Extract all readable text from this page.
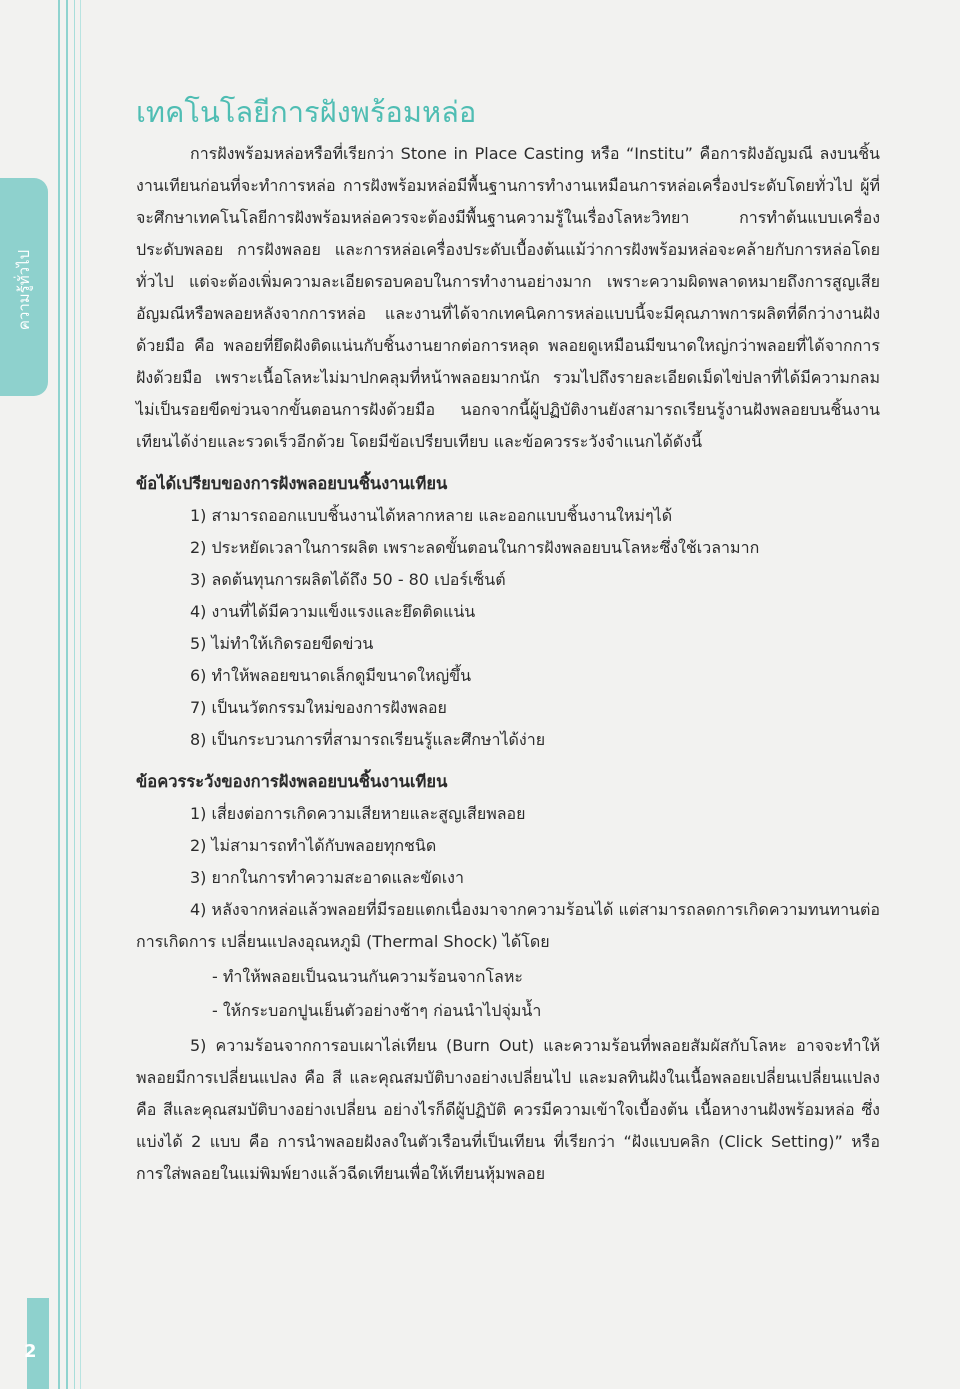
ความรู้ทั่วไป
2
เทคโนโลยีการฝังพร้อมหล่อ

การฝังพร้อมหล่อหรือที่เรียกว่า Stone in Place Casting หรือ “Institu” คือการฝังอัญมณี ลงบนชิ้นงานเทียนก่อนที่จะทำการหล่อ การฝังพร้อมหล่อมีพื้นฐานการทำงานเหมือนการหล่อเครื่องประดับโดยทั่วไป ผู้ที่จะศึกษาเทคโนโลยีการฝังพร้อมหล่อควรจะต้องมีพื้นฐานความรู้ในเรื่องโลหะวิทยา การทำต้นแบบเครื่องประดับพลอย การฝังพลอย และการหล่อเครื่องประดับเบื้องต้นแม้ว่าการฝังพร้อมหล่อจะคล้ายกับการหล่อโดยทั่วไป แต่จะต้องเพิ่มความละเอียดรอบคอบในการทำงานอย่างมาก เพราะความผิดพลาดหมายถึงการสูญเสียอัญมณีหรือพลอยหลังจากการหล่อ และงานที่ได้จากเทคนิคการหล่อแบบนี้จะมีคุณภาพการผลิตที่ดีกว่างานฝังด้วยมือ คือ พลอยที่ยึดฝังติดแน่นกับชิ้นงานยากต่อการหลุด พลอยดูเหมือนมีขนาดใหญ่กว่าพลอยที่ได้จากการฝังด้วยมือ เพราะเนื้อโลหะไม่มาปกคลุมที่หน้าพลอยมากนัก รวมไปถึงรายละเอียดเม็ดไข่ปลาที่ได้มีความกลมไม่เป็นรอยขีดข่วนจากขั้นตอนการฝังด้วยมือ นอกจากนี้ผู้ปฏิบัติงานยังสามารถเรียนรู้งานฝังพลอยบนชิ้นงานเทียนได้ง่ายและรวดเร็วอีกด้วย โดยมีข้อเปรียบเทียบ และข้อควรระวังจำแนกได้ดังนี้

ข้อได้เปรียบของการฝังพลอยบนชิ้นงานเทียน
1) สามารถออกแบบชิ้นงานได้หลากหลาย และออกแบบชิ้นงานใหม่ๆได้
2) ประหยัดเวลาในการผลิต เพราะลดขั้นตอนในการฝังพลอยบนโลหะซึ่งใช้เวลามาก
3) ลดต้นทุนการผลิตได้ถึง 50 - 80 เปอร์เซ็นต์
4) งานที่ได้มีความแข็งแรงและยึดติดแน่น
5) ไม่ทำให้เกิดรอยขีดข่วน
6) ทำให้พลอยขนาดเล็กดูมีขนาดใหญ่ขึ้น
7) เป็นนวัตกรรมใหม่ของการฝังพลอย
8) เป็นกระบวนการที่สามารถเรียนรู้และศึกษาได้ง่าย
ข้อควรระวังของการฝังพลอยบนชิ้นงานเทียน
1) เสี่ยงต่อการเกิดความเสียหายและสูญเสียพลอย
2) ไม่สามารถทำได้กับพลอยทุกชนิด
3) ยากในการทำความสะอาดและขัดเงา
4) หลังจากหล่อแล้วพลอยที่มีรอยแตกเนื่องมาจากความร้อนได้ แต่สามารถลดการเกิดความทนทานต่อการเกิดการ เปลี่ยนแปลงอุณหภูมิ (Thermal Shock) ได้โดย
- ทำให้พลอยเป็นฉนวนกันความร้อนจากโลหะ
- ให้กระบอกปูนเย็นตัวอย่างช้าๆ ก่อนนำไปจุ่มน้ำ
5) ความร้อนจากการอบเผาไล่เทียน (Burn Out) และความร้อนที่พลอยสัมผัสกับโลหะ อาจจะทำให้พลอยมีการเปลี่ยนแปลง คือ สี และคุณสมบัติบางอย่างเปลี่ยนไป และมลทินฝังในเนื้อพลอยเปลี่ยนเปลี่ยนแปลง คือ สีและคุณสมบัติบางอย่างเปลี่ยน อย่างไรก็ดีผู้ปฏิบัติ ควรมีความเข้าใจเบื้องต้น เนื้อหางานฝังพร้อมหล่อ ซึ่งแบ่งได้ 2 แบบ คือ การนำพลอยฝังลงในตัวเรือนที่เป็นเทียน ที่เรียกว่า “ฝังแบบคลิก (Click Setting)” หรือ การใส่พลอยในแม่พิมพ์ยางแล้วฉีดเทียนเพื่อให้เทียนหุ้มพลอย
